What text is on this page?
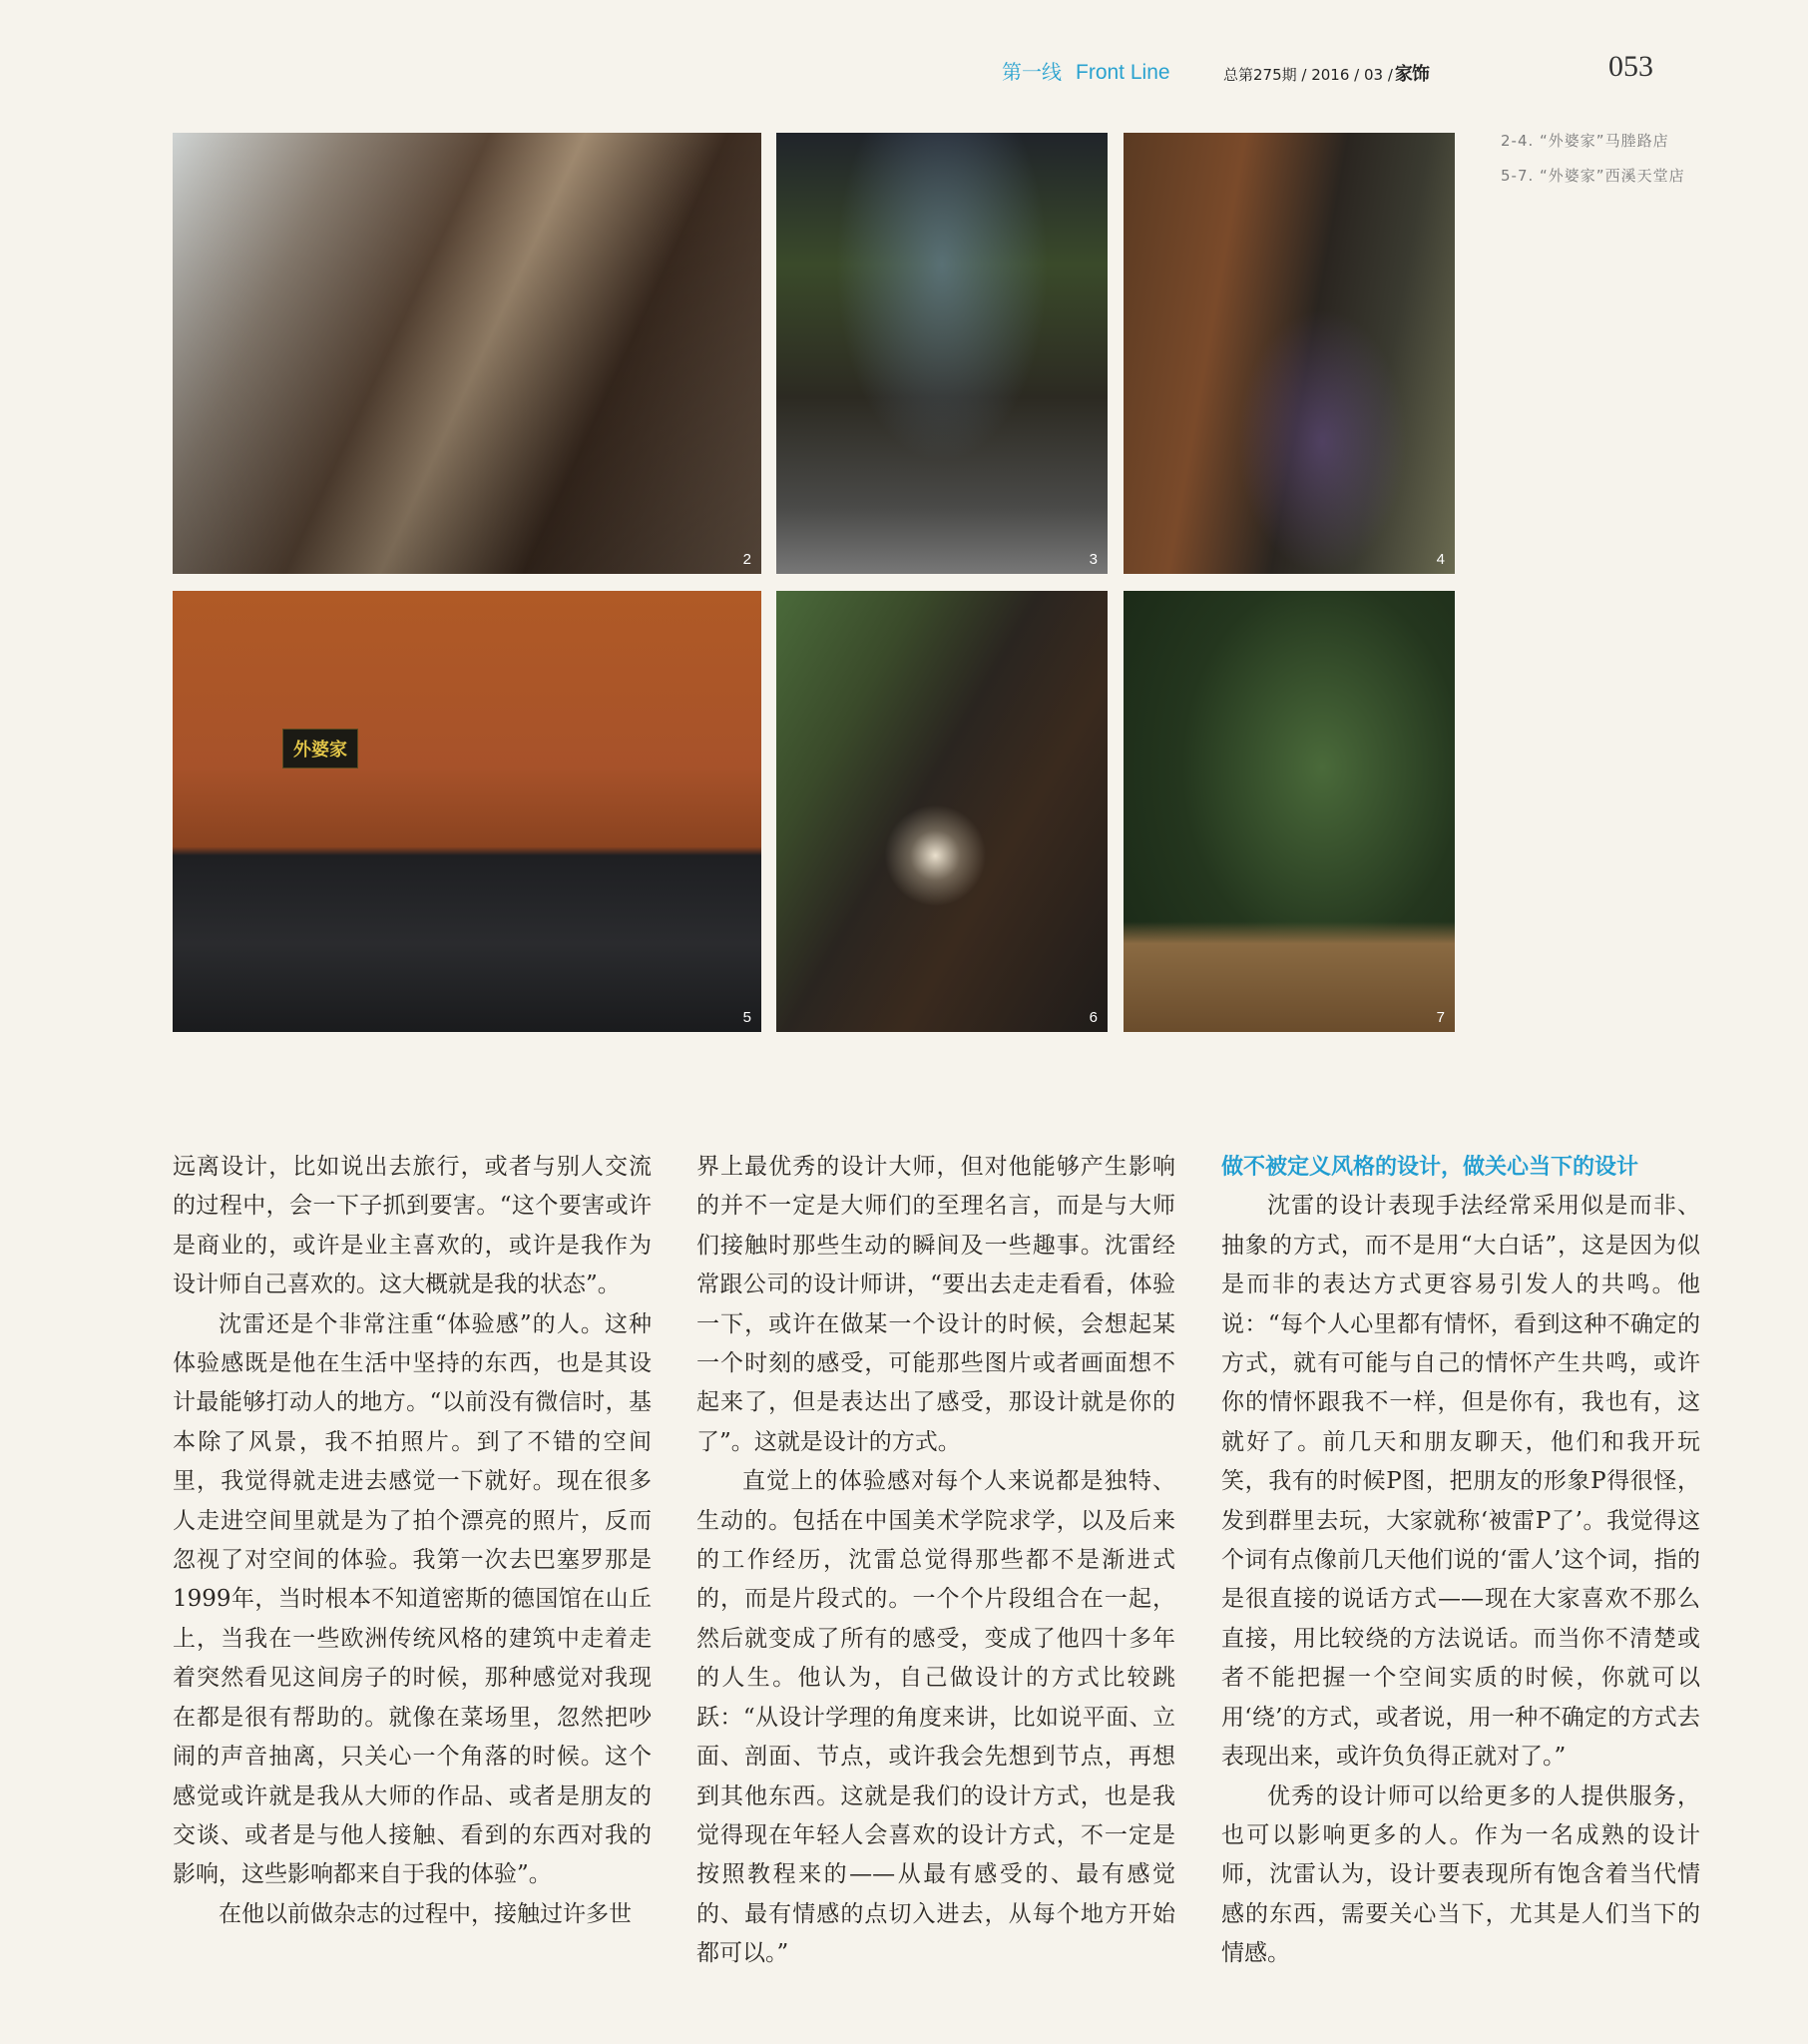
第一线 Front Line	总第275期 / 2016 / 03 / 家饰	053
2	3	4
外婆家
5	6	7

2-4. “外婆家”马塍路店

5-7. “外婆家”西溪天堂店

远离设计，比如说出去旅行，或者与别人交流的过程中，会一下子抓到要害。“这个要害或许是商业的，或许是业主喜欢的，或许是我作为设计师自己喜欢的。这大概就是我的状态”。

沈雷还是个非常注重“体验感”的人。这种体验感既是他在生活中坚持的东西，也是其设计最能够打动人的地方。“以前没有微信时，基本除了风景，我不拍照片。到了不错的空间里，我觉得就走进去感觉一下就好。现在很多人走进空间里就是为了拍个漂亮的照片，反而忽视了对空间的体验。我第一次去巴塞罗那是1999年，当时根本不知道密斯的德国馆在山丘上，当我在一些欧洲传统风格的建筑中走着走着突然看见这间房子的时候，那种感觉对我现在都是很有帮助的。就像在菜场里，忽然把吵闹的声音抽离，只关心一个角落的时候。这个感觉或许就是我从大师的作品、或者是朋友的交谈、或者是与他人接触、看到的东西对我的影响，这些影响都来自于我的体验”。

在他以前做杂志的过程中，接触过许多世

界上最优秀的设计大师，但对他能够产生影响的并不一定是大师们的至理名言，而是与大师们接触时那些生动的瞬间及一些趣事。沈雷经常跟公司的设计师讲，“要出去走走看看，体验一下，或许在做某一个设计的时候，会想起某一个时刻的感受，可能那些图片或者画面想不起来了，但是表达出了感受，那设计就是你的了”。这就是设计的方式。

直觉上的体验感对每个人来说都是独特、生动的。包括在中国美术学院求学，以及后来的工作经历，沈雷总觉得那些都不是渐进式的，而是片段式的。一个个片段组合在一起，然后就变成了所有的感受，变成了他四十多年的人生。他认为，自己做设计的方式比较跳跃：“从设计学理的角度来讲，比如说平面、立面、剖面、节点，或许我会先想到节点，再想到其他东西。这就是我们的设计方式，也是我觉得现在年轻人会喜欢的设计方式，不一定是按照教程来的——从最有感受的、最有感觉的、最有情感的点切入进去，从每个地方开始都可以。”

做不被定义风格的设计，做关心当下的设计

沈雷的设计表现手法经常采用似是而非、抽象的方式，而不是用“大白话”，这是因为似是而非的表达方式更容易引发人的共鸣。他说：“每个人心里都有情怀，看到这种不确定的方式，就有可能与自己的情怀产生共鸣，或许你的情怀跟我不一样，但是你有，我也有，这就好了。前几天和朋友聊天，他们和我开玩笑，我有的时候P图，把朋友的形象P得很怪，发到群里去玩，大家就称‘被雷P了’。我觉得这个词有点像前几天他们说的‘雷人’这个词，指的是很直接的说话方式——现在大家喜欢不那么直接，用比较绕的方法说话。而当你不清楚或者不能把握一个空间实质的时候，你就可以用‘绕’的方式，或者说，用一种不确定的方式去表现出来，或许负负得正就对了。”

优秀的设计师可以给更多的人提供服务，也可以影响更多的人。作为一名成熟的设计师，沈雷认为，设计要表现所有饱含着当代情感的东西，需要关心当下，尤其是人们当下的情感。
